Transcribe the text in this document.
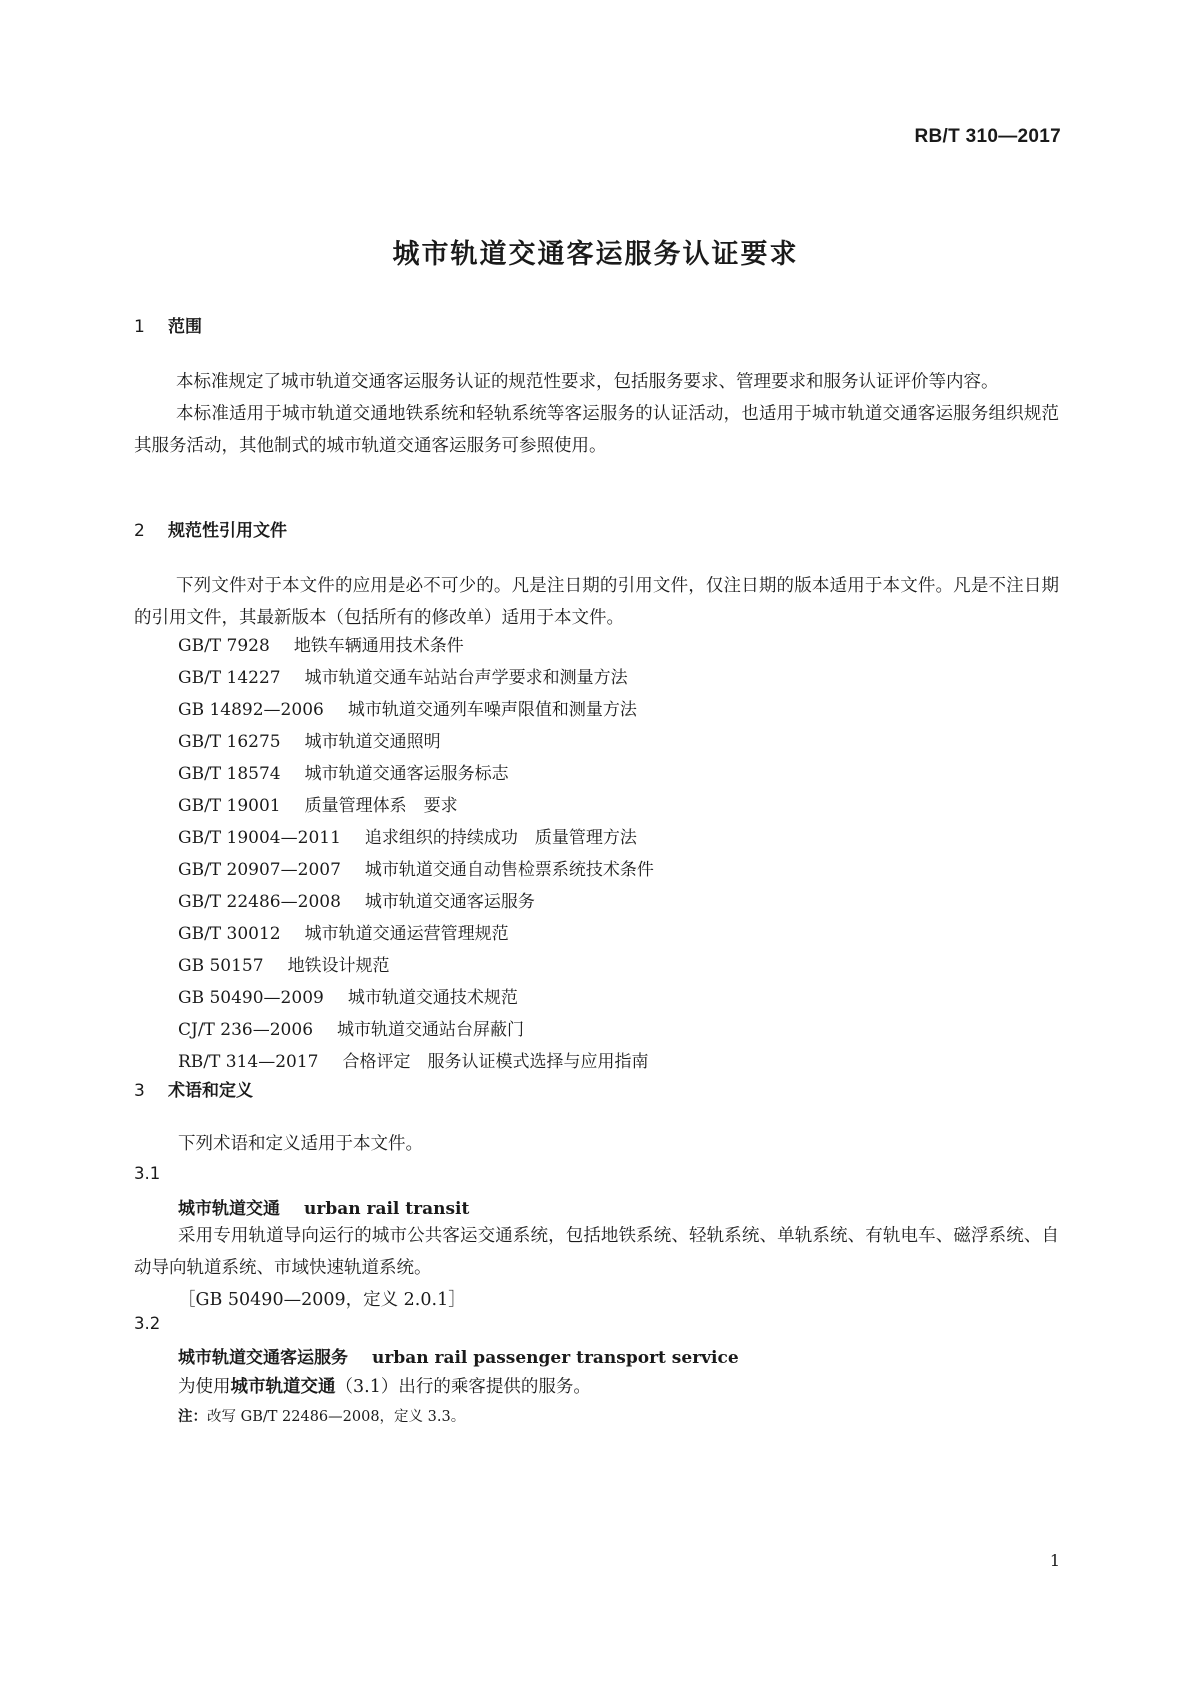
RB/T 310—2017
城市轨道交通客运服务认证要求
1 范围

本标准规定了城市轨道交通客运服务认证的规范性要求，包括服务要求、管理要求和服务认证评价等内容。

本标准适用于城市轨道交通地铁系统和轻轨系统等客运服务的认证活动，也适用于城市轨道交通客运服务组织规范其服务活动，其他制式的城市轨道交通客运服务可参照使用。

2 规范性引用文件

下列文件对于本文件的应用是必不可少的。凡是注日期的引用文件，仅注日期的版本适用于本文件。凡是不注日期的引用文件，其最新版本（包括所有的修改单）适用于本文件。

GB/T 7928 地铁车辆通用技术条件
GB/T 14227 城市轨道交通车站站台声学要求和测量方法
GB 14892—2006 城市轨道交通列车噪声限值和测量方法
GB/T 16275 城市轨道交通照明
GB/T 18574 城市轨道交通客运服务标志
GB/T 19001 质量管理体系　要求
GB/T 19004—2011 追求组织的持续成功　质量管理方法
GB/T 20907—2007 城市轨道交通自动售检票系统技术条件
GB/T 22486—2008 城市轨道交通客运服务
GB/T 30012 城市轨道交通运营管理规范
GB 50157 地铁设计规范
GB 50490—2009 城市轨道交通技术规范
CJ/T 236—2006 城市轨道交通站台屏蔽门
RB/T 314—2017 合格评定　服务认证模式选择与应用指南
3 术语和定义
下列术语和定义适用于本文件。
3.1
城市轨道交通 urban rail transit

采用专用轨道导向运行的城市公共客运交通系统，包括地铁系统、轻轨系统、单轨系统、有轨电车、磁浮系统、自动导向轨道系统、市域快速轨道系统。

［GB 50490—2009，定义 2.0.1］
3.2
城市轨道交通客运服务 urban rail passenger transport service
为使用城市轨道交通（3.1）出行的乘客提供的服务。
注：改写 GB/T 22486—2008，定义 3.3。
1
